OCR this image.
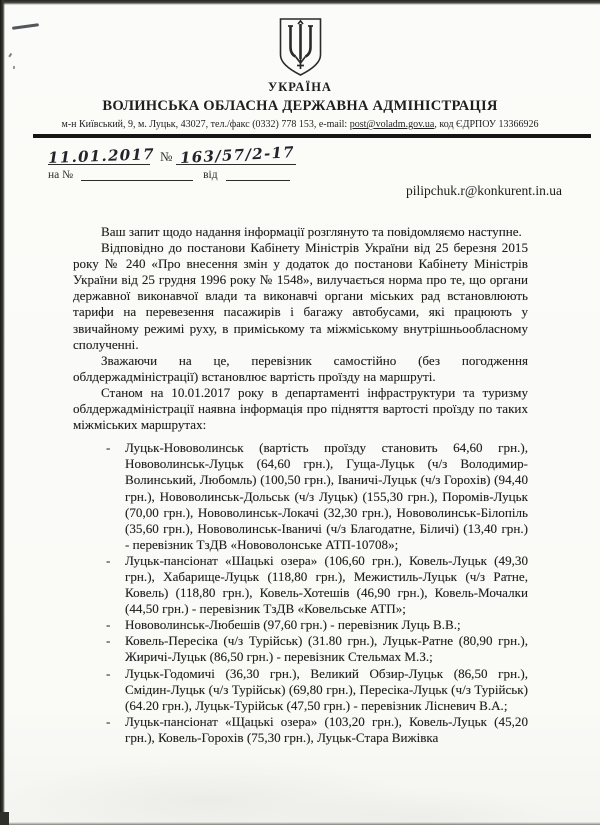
УКРАЇНА
ВОЛИНСЬКА ОБЛАСНА ДЕРЖАВНА АДМІНІСТРАЦІЯ
м-н Київський, 9, м. Луцьк, 43027, тел./факс (0332) 778 153, e-mail: post@voladm.gov.ua, код ЄДРПОУ 13366926
11.01.2017 № 163/57/2-17
на №	від
pilipchuk.r@konkurent.in.ua

Ваш запит щодо надання інформації розглянуто та повідомляємо наступне.

Відповідно до постанови Кабінету Міністрів України від 25 березня 2015 року № 240 «Про внесення змін у додаток до постанови Кабінету Міністрів України від 25 грудня 1996 року № 1548», вилучається норма про те, що органи державної виконавчої влади та виконавчі органи міських рад встановлюють тарифи на перевезення пасажирів і багажу автобусами, які працюють у звичайному режимі руху, в приміському та міжміському внутрішньообласному сполученні.

Зважаючи на це, перевізник самостійно (без погодження облдержадміністрації) встановлює вартість проїзду на маршруті.

Станом на 10.01.2017 року в департаменті інфраструктури та туризму облдержадміністрації наявна інформація про підняття вартості проїзду по таких міжміських маршрутах:

-	Луцьк-Нововолинськ (вартість проїзду становить 64,60 грн.), Нововолинськ-Луцьк (64,60 грн.), Гуща-Луцьк (ч/з Володимир-Волинський, Любомль) (100,50 грн.), Іваничі-Луцьк (ч/з Горохів) (94,40 грн.), Нововолинськ-Дольськ (ч/з Луцьк) (155,30 грн.), Поромів-Луцьк (70,00 грн.), Нововолинськ-Локачі (32,30 грн.), Нововолинськ-Білопіль (35,60 грн.), Нововолинськ-Іваничі (ч/з Благодатне, Біличі) (13,40 грн.) - перевізник ТзДВ «Нововолонське АТП-10708»;
-	Луцьк-пансіонат «Шацькі озера» (106,60 грн.), Ковель-Луцьк (49,30 грн.), Хабарище-Луцьк (118,80 грн.), Межистиль-Луцьк (ч/з Ратне, Ковель) (118,80 грн.), Ковель-Хотешів (46,90 грн.), Ковель-Мочалки (44,50 грн.) - перевізник ТзДВ «Ковельське АТП»;
-	Нововолинськ-Любешів (97,60 грн.) - перевізник Луць В.В.;
-	Ковель-Пересіка (ч/з Турійськ) (31.80 грн.), Луцьк-Ратне (80,90 грн.), Жиричі-Луцьк (86,50 грн.) - перевізник Стельмах М.З.;
-	Луцьк-Годомичі (36,30 грн.), Великий Обзир-Луцьк (86,50 грн.), Смідин-Луцьк (ч/з Турійськ) (69,80 грн.), Пересіка-Луцьк (ч/з Турійськ) (64.20 грн.), Луцьк-Турійськ (47,50 грн.) - перевізник Лісневич В.А.;
-	Луцьк-пансіонат «Щацькі озера» (103,20 грн.), Ковель-Луцьк (45,20 грн.), Ковель-Горохів (75,30 грн.), Луцьк-Стара Вижівка
